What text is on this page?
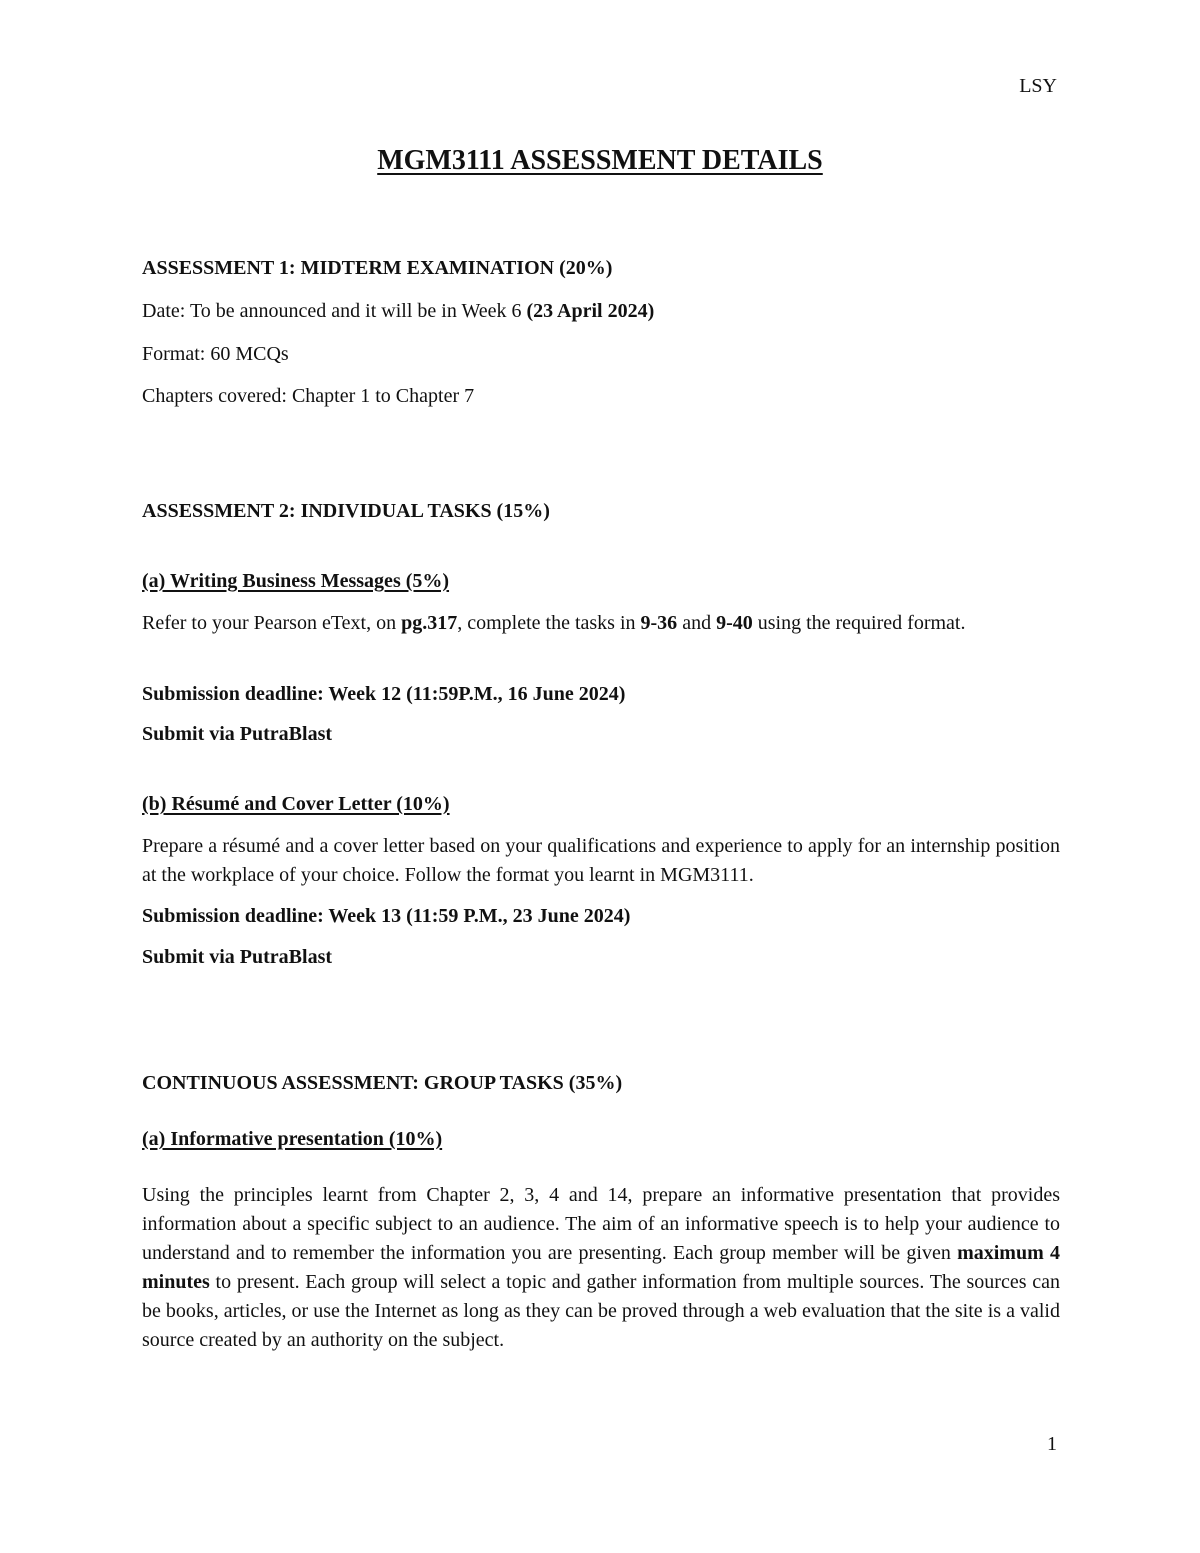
LSY
MGM3111 ASSESSMENT DETAILS

ASSESSMENT 1: MIDTERM EXAMINATION (20%)

Date: To be announced and it will be in Week 6 (23 April 2024)

Format: 60 MCQs

Chapters covered: Chapter 1 to Chapter 7

ASSESSMENT 2: INDIVIDUAL TASKS (15%)

(a) Writing Business Messages (5%)

Refer to your Pearson eText, on pg.317, complete the tasks in 9-36 and 9-40 using the required format.

Submission deadline: Week 12 (11:59P.M., 16 June 2024)

Submit via PutraBlast

(b) Résumé and Cover Letter (10%)

Prepare a résumé and a cover letter based on your qualifications and experience to apply for an internship position at the workplace of your choice. Follow the format you learnt in MGM3111.

Submission deadline: Week 13 (11:59 P.M., 23 June 2024)

Submit via PutraBlast

CONTINUOUS ASSESSMENT: GROUP TASKS (35%)

(a) Informative presentation (10%)

Using the principles learnt from Chapter 2, 3, 4 and 14, prepare an informative presentation that provides information about a specific subject to an audience. The aim of an informative speech is to help your audience to understand and to remember the information you are presenting. Each group member will be given maximum 4 minutes to present. Each group will select a topic and gather information from multiple sources. The sources can be books, articles, or use the Internet as long as they can be proved through a web evaluation that the site is a valid source created by an authority on the subject.

1
